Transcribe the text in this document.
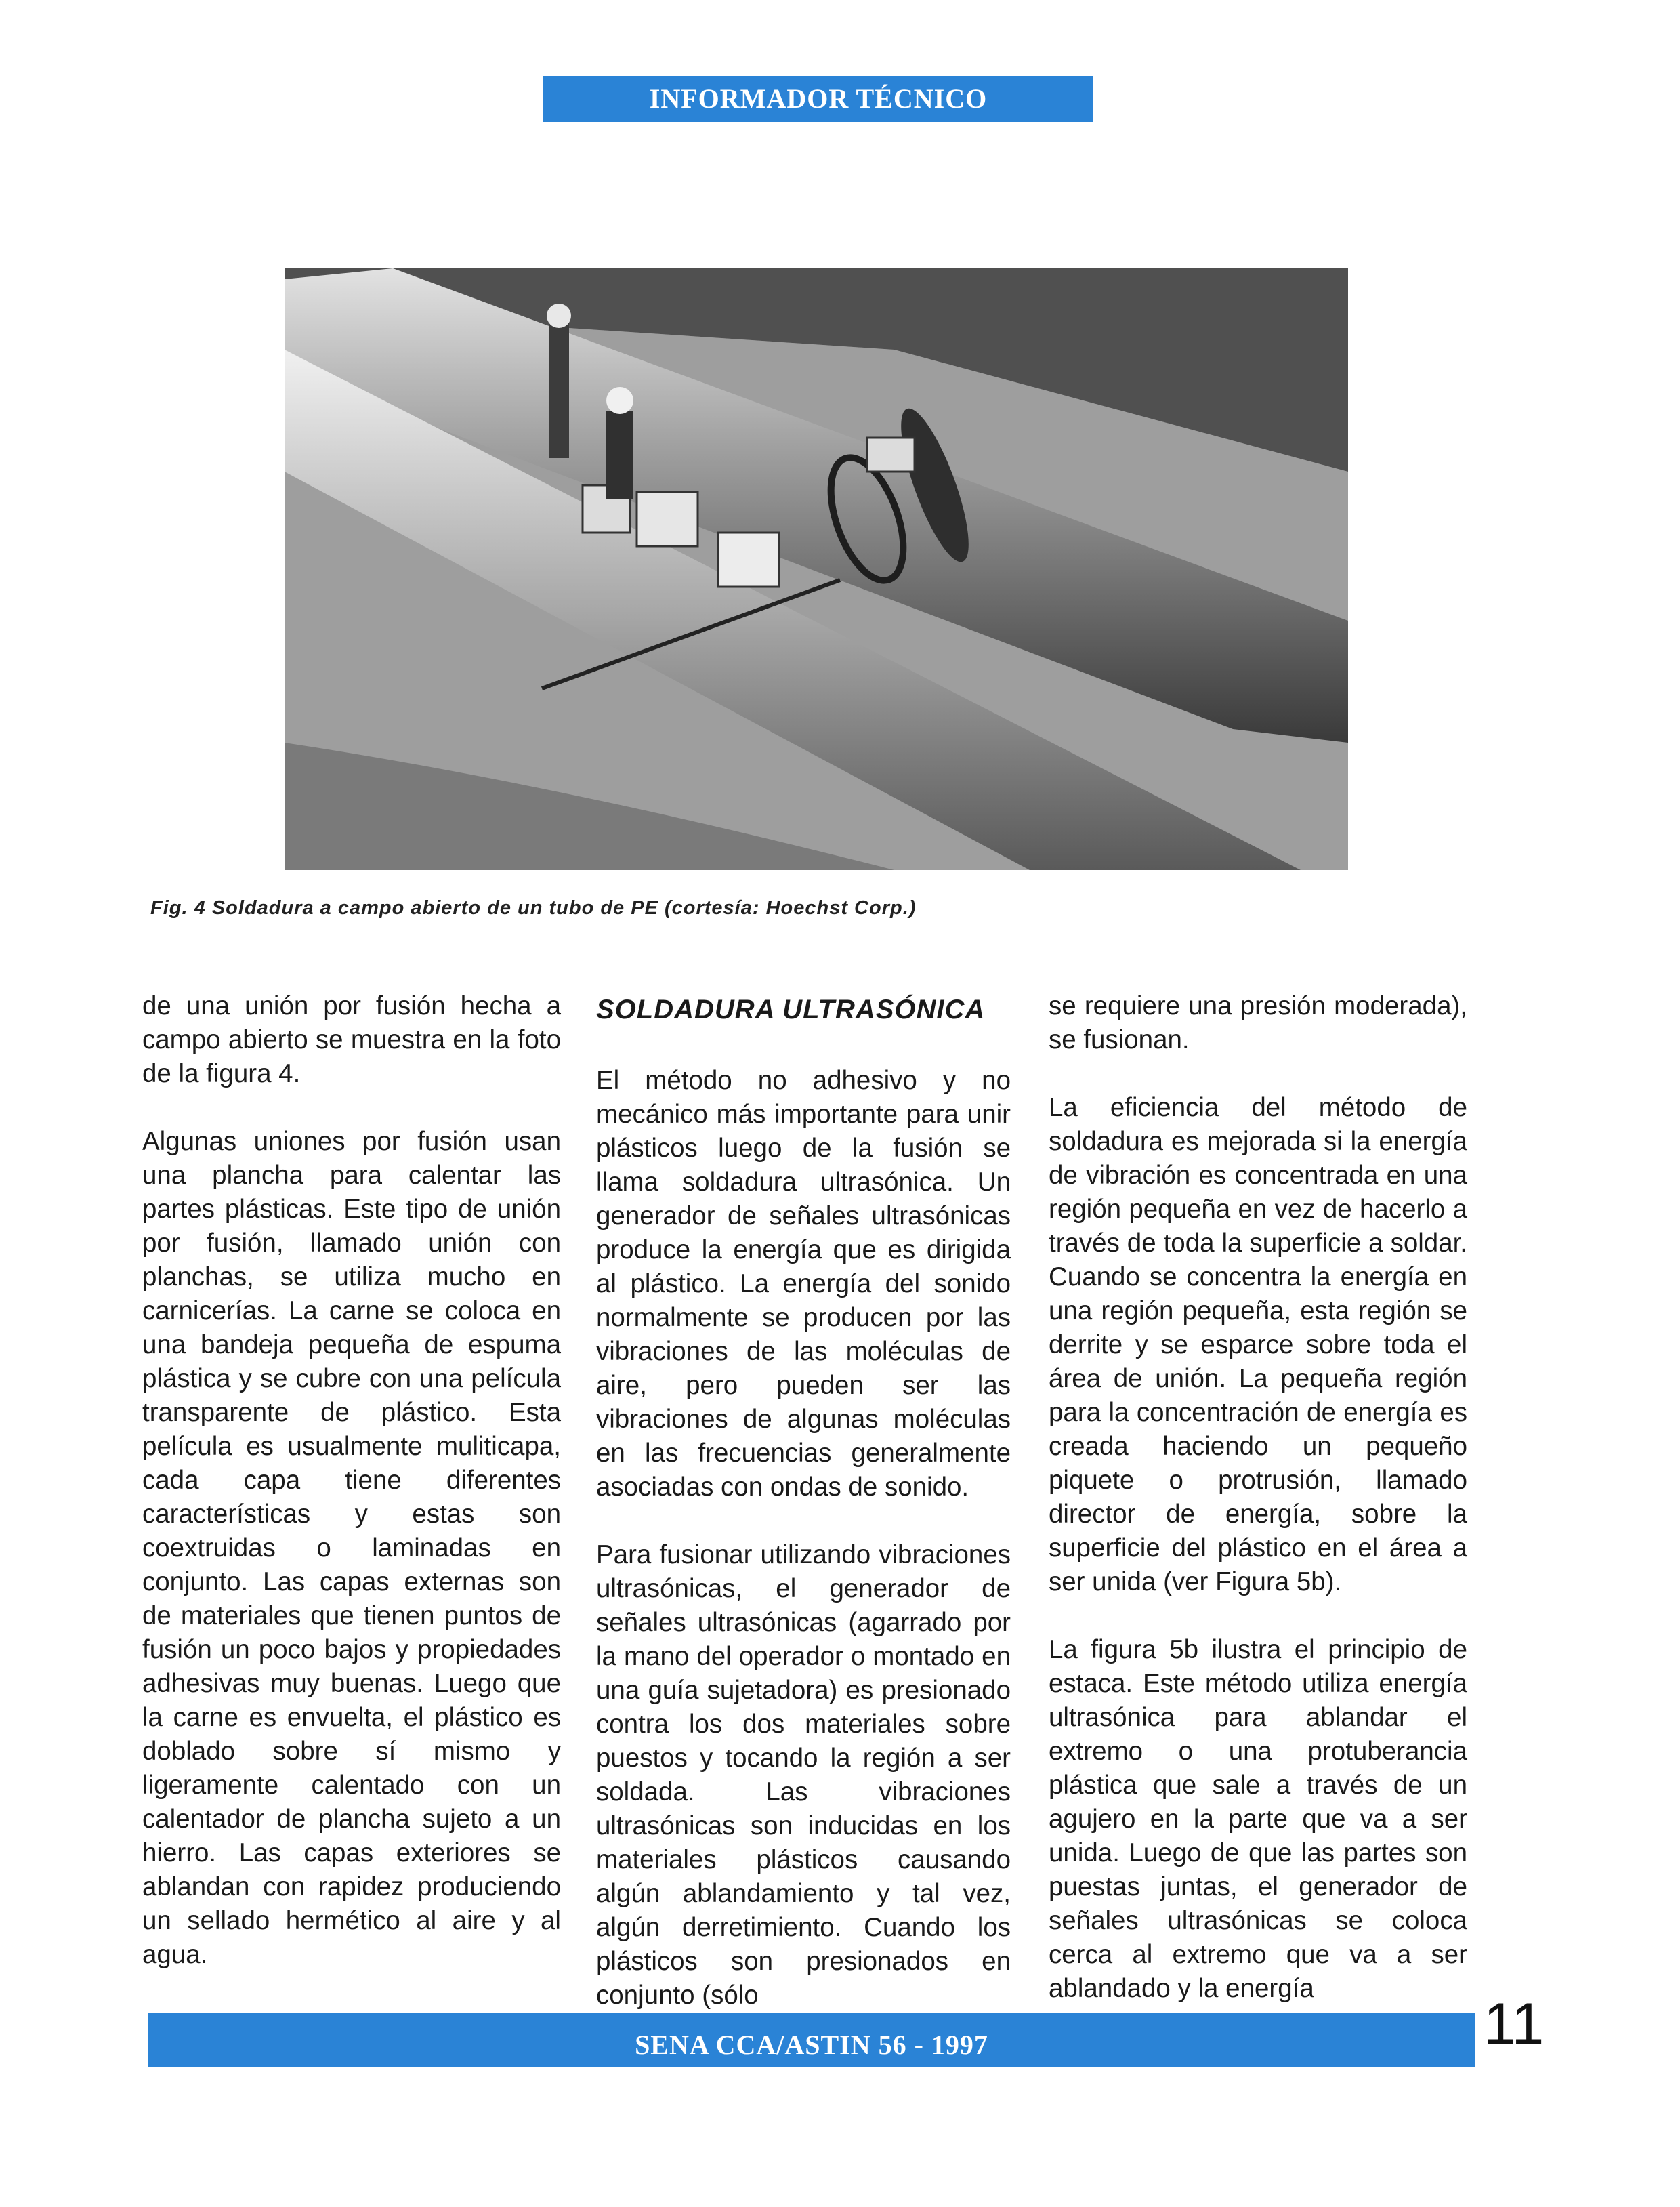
INFORMADOR TÉCNICO
Fig. 4 Soldadura a campo abierto de un tubo de PE (cortesía: Hoechst Corp.)

de una unión por fusión hecha a campo abierto se muestra en la foto de la figura 4.

Algunas uniones por fusión usan una plancha para calentar las partes plásticas. Este tipo de unión por fusión, llamado unión con planchas, se utiliza mucho en carnicerías. La carne se coloca en una bandeja pequeña de espuma plástica y se cubre con una película transparente de plástico. Esta película es usualmente muliticapa, cada capa tiene diferentes características y estas son coextruidas o laminadas en conjunto. Las capas externas son de materiales que tienen puntos de fusión un poco bajos y propiedades adhesivas muy buenas. Luego que la carne es envuelta, el plástico es doblado sobre sí mismo y ligeramente calentado con un calentador de plancha sujeto a un hierro. Las capas exteriores se ablandan con rapidez produciendo un sellado hermético al aire y al agua.

SOLDADURA ULTRASÓNICA

El método no adhesivo y no mecánico más importante para unir plásticos luego de la fusión se llama soldadura ultrasónica. Un generador de señales ultrasónicas produce la energía que es dirigida al plástico. La energía del sonido normalmente se producen por las vibraciones de las moléculas de aire, pero pueden ser las vibraciones de algunas moléculas en las frecuencias generalmente asociadas con ondas de sonido.

Para fusionar utilizando vibraciones ultrasónicas, el generador de señales ultrasónicas (agarrado por la mano del operador o montado en una guía sujetadora) es presionado contra los dos materiales sobre puestos y tocando la región a ser soldada. Las vibraciones ultrasónicas son inducidas en los materiales plásticos causando algún ablandamiento y tal vez, algún derretimiento. Cuando los plásticos son presionados en conjunto (sólo

se requiere una presión moderada), se fusionan.

La eficiencia del método de soldadura es mejorada si la energía de vibración es concentrada en una región pequeña en vez de hacerlo a través de toda la superficie a soldar. Cuando se concentra la energía en una región pequeña, esta región se derrite y se esparce sobre toda el área de unión. La pequeña región para la concentración de energía es creada haciendo un pequeño piquete o protrusión, llamado director de energía, sobre la superficie del plástico en el área a ser unida (ver Figura 5b).

La figura 5b ilustra el principio de estaca. Este método utiliza energía ultrasónica para ablandar el extremo o una protuberancia plástica que sale a través de un agujero en la parte que va a ser unida. Luego de que las partes son puestas juntas, el generador de señales ultrasónicas se coloca cerca al extremo que va a ser ablandado y la energía

SENA CCA/ASTIN 56 - 1997	11
